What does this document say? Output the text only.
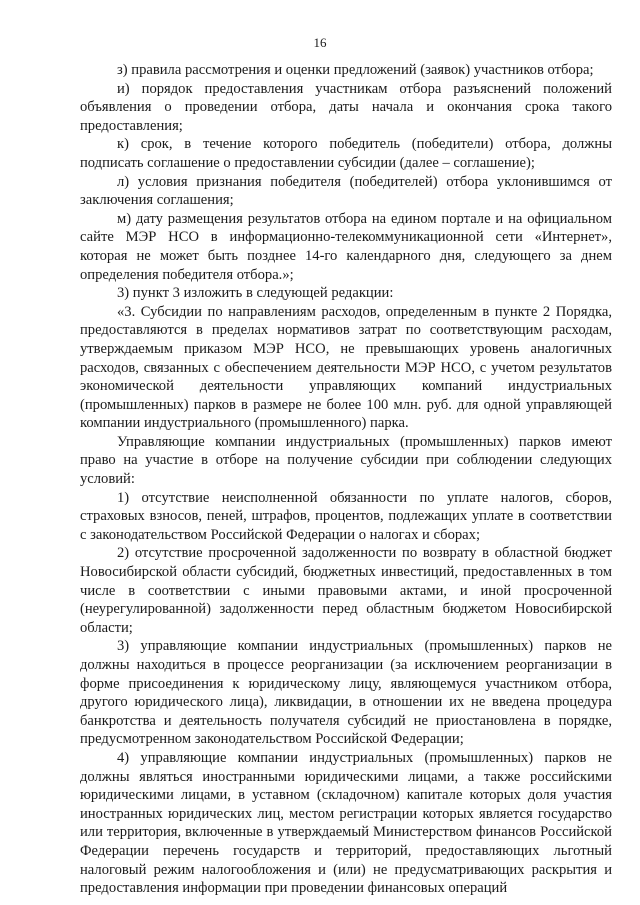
16

з) правила рассмотрения и оценки предложений (заявок) участников отбора;

и) порядок предоставления участникам отбора разъяснений положений объявления о проведении отбора, даты начала и окончания срока такого предоставления;

к) срок, в течение которого победитель (победители) отбора, должны подписать соглашение о предоставлении субсидии (далее – соглашение);

л) условия признания победителя (победителей) отбора уклонившимся от заключения соглашения;

м) дату размещения результатов отбора на едином портале и на официальном сайте МЭР НСО в информационно-телекоммуникационной сети «Интернет», которая не может быть позднее 14-го календарного дня, следующего за днем определения победителя отбора.»;

3) пункт 3 изложить в следующей редакции:

«3. Субсидии по направлениям расходов, определенным в пункте 2 Порядка, предоставляются в пределах нормативов затрат по соответствующим расходам, утверждаемым приказом МЭР НСО, не превышающих уровень аналогичных расходов, связанных с обеспечением деятельности МЭР НСО, с учетом результатов экономической деятельности управляющих компаний индустриальных (промышленных) парков в размере не более 100 млн. руб. для одной управляющей компании индустриального (промышленного) парка.

Управляющие компании индустриальных (промышленных) парков имеют право на участие в отборе на получение субсидии при соблюдении следующих условий:

1) отсутствие неисполненной обязанности по уплате налогов, сборов, страховых взносов, пеней, штрафов, процентов, подлежащих уплате в соответствии с законодательством Российской Федерации о налогах и сборах;

2) отсутствие просроченной задолженности по возврату в областной бюджет Новосибирской области субсидий, бюджетных инвестиций, предоставленных в том числе в соответствии с иными правовыми актами, и иной просроченной (неурегулированной) задолженности перед областным бюджетом Новосибирской области;

3) управляющие компании индустриальных (промышленных) парков не должны находиться в процессе реорганизации (за исключением реорганизации в форме присоединения к юридическому лицу, являющемуся участником отбора, другого юридического лица), ликвидации, в отношении их не введена процедура банкротства и деятельность получателя субсидий не приостановлена в порядке, предусмотренном законодательством Российской Федерации;

4) управляющие компании индустриальных (промышленных) парков не должны являться иностранными юридическими лицами, а также российскими юридическими лицами, в уставном (складочном) капитале которых доля участия иностранных юридических лиц, местом регистрации которых является государство или территория, включенные в утверждаемый Министерством финансов Российской Федерации перечень государств и территорий, предоставляющих льготный налоговый режим налогообложения и (или) не предусматривающих раскрытия и предоставления информации при проведении финансовых операций
